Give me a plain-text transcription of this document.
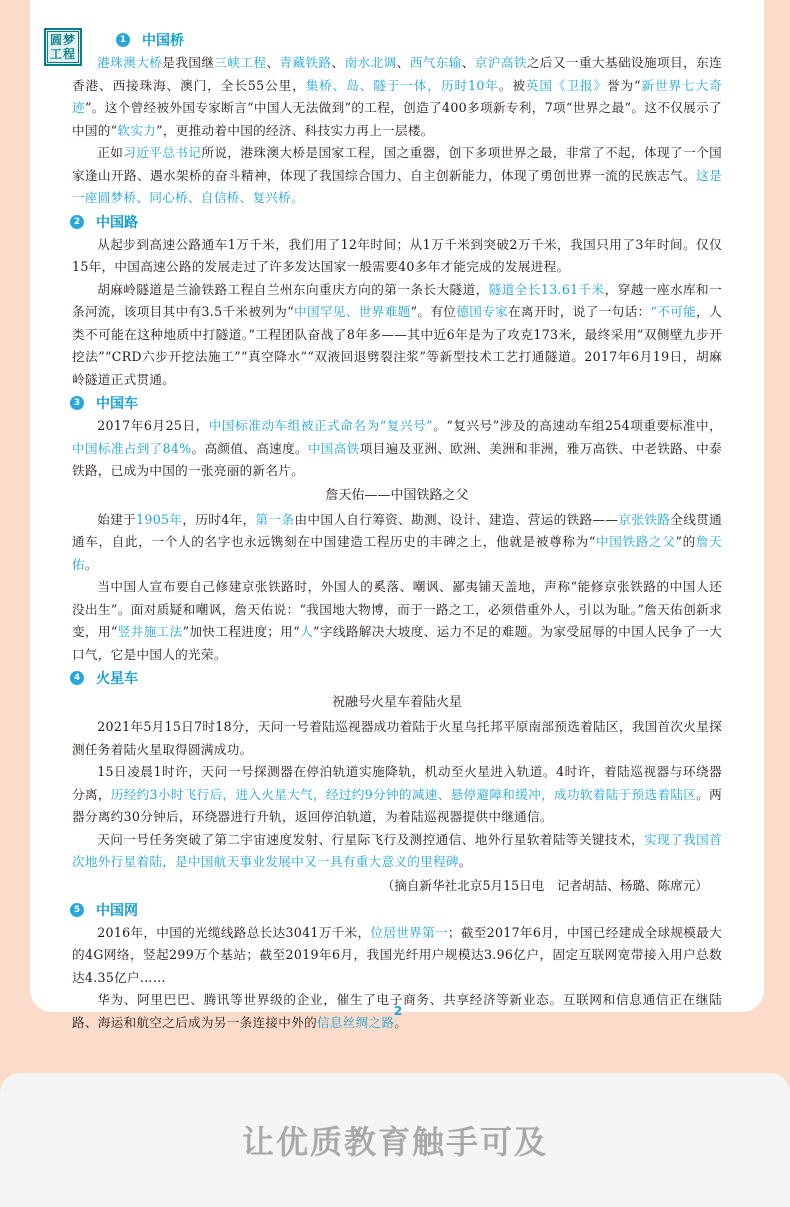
圆梦
工程
1 中国桥

港珠澳大桥是我国继三峡工程、青藏铁路、南水北调、西气东输、京沪高铁之后又一重大基础设施项目，东连香港、西接珠海、澳门，全长55公里，集桥、岛、隧于一体，历时10年。被英国《卫报》誉为“新世界七大奇迹”。这个曾经被外国专家断言“中国人无法做到”的工程，创造了400多项新专利，7项“世界之最”。这不仅展示了中国的“软实力”，更推动着中国的经济、科技实力再上一层楼。

正如习近平总书记所说，港珠澳大桥是国家工程，国之重器，创下多项世界之最，非常了不起，体现了一个国家逢山开路、遇水架桥的奋斗精神，体现了我国综合国力、自主创新能力，体现了勇创世界一流的民族志气。这是一座圆梦桥、同心桥、自信桥、复兴桥。

2 中国路

从起步到高速公路通车1万千米，我们用了12年时间；从1万千米到突破2万千米，我国只用了3年时间。仅仅15年，中国高速公路的发展走过了许多发达国家一般需要40多年才能完成的发展进程。

胡麻岭隧道是兰渝铁路工程自兰州东向重庆方向的第一条长大隧道，隧道全长13.61千米，穿越一座水库和一条河流，该项目其中有3.5千米被列为“中国罕见、世界难题”。有位德国专家在离开时，说了一句话：“不可能，人类不可能在这种地质中打隧道。”工程团队奋战了8年多——其中近6年是为了攻克173米，最终采用“双侧壁九步开挖法”“CRD六步开挖法施工”“真空降水”“双液回退劈裂注浆”等新型技术工艺打通隧道。2017年6月19日，胡麻岭隧道正式贯通。

3 中国车

2017年6月25日，中国标准动车组被正式命名为“复兴号”。“复兴号”涉及的高速动车组254项重要标准中，中国标准占到了84%。高颜值、高速度。中国高铁项目遍及亚洲、欧洲、美洲和非洲，雅万高铁、中老铁路、中泰铁路，已成为中国的一张亮丽的新名片。

詹天佑——中国铁路之父

始建于1905年，历时4年，第一条由中国人自行筹资、勘测、设计、建造、营运的铁路——京张铁路全线贯通通车，自此，一个人的名字也永远镌刻在中国建造工程历史的丰碑之上，他就是被尊称为“中国铁路之父”的詹天佑。

当中国人宣布要自己修建京张铁路时，外国人的奚落、嘲讽、鄙夷铺天盖地，声称“能修京张铁路的中国人还没出生”。面对质疑和嘲讽，詹天佑说：“我国地大物博，而于一路之工，必须借重外人，引以为耻。”詹天佑创新求变，用“竖井施工法”加快工程进度；用“人”字线路解决大坡度、运力不足的难题。为家受屈辱的中国人民争了一大口气，它是中国人的光荣。

4 火星车
祝融号火星车着陆火星

2021年5月15日7时18分，天问一号着陆巡视器成功着陆于火星乌托邦平原南部预选着陆区，我国首次火星探测任务着陆火星取得圆满成功。

15日凌晨1时许，天问一号探测器在停泊轨道实施降轨，机动至火星进入轨道。4时许，着陆巡视器与环绕器分离，历经约3小时飞行后，进入火星大气，经过约9分钟的减速、悬停避障和缓冲，成功软着陆于预选着陆区。两器分离约30分钟后，环绕器进行升轨，返回停泊轨道，为着陆巡视器提供中继通信。

天问一号任务突破了第二宇宙速度发射、行星际飞行及测控通信、地外行星软着陆等关键技术，实现了我国首次地外行星着陆，是中国航天事业发展中又一具有重大意义的里程碑。

（摘自新华社北京5月15日电　记者胡喆、杨璐、陈席元）
5 中国网

2016年，中国的光缆线路总长达3041万千米，位居世界第一；截至2017年6月，中国已经建成全球规模最大的4G网络，竖起299万个基站；截至2019年6月，我国光纤用户规模达3.96亿户，固定互联网宽带接入用户总数达4.35亿户……

华为、阿里巴巴、腾讯等世界级的企业，催生了电子商务、共享经济等新业态。互联网和信息通信正在继陆路、海运和航空之后成为另一条连接中外的信息丝绸之路。

2
让优质教育触手可及
